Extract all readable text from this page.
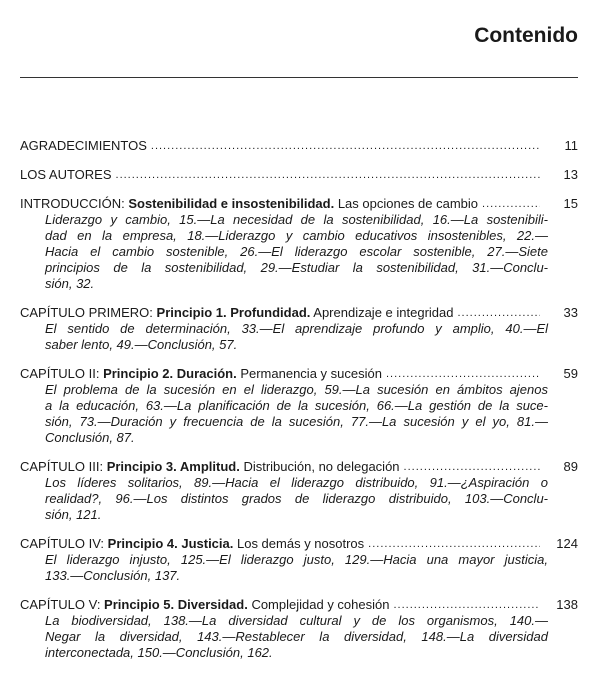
Contenido
AGRADECIMIENTOS .....	11
LOS AUTORES .....	13
INTRODUCCIÓN: Sostenibilidad e insostenibilidad. Las opciones de cambio .....	15
Liderazgo y cambio, 15.—La necesidad de la sostenibilidad, 16.—La sostenibili-
dad en la empresa, 18.—Liderazgo y cambio educativos insostenibles, 22.—
Hacia el cambio sostenible, 26.—El liderazgo escolar sostenible, 27.—Siete
principios de la sostenibilidad, 29.—Estudiar la sostenibilidad, 31.—Conclu-
sión, 32.
CAPÍTULO PRIMERO: Principio 1. Profundidad. Aprendizaje e integridad .....	33
El sentido de determinación, 33.—El aprendizaje profundo y amplio, 40.—El
saber lento, 49.—Conclusión, 57.
CAPÍTULO II: Principio 2. Duración. Permanencia y sucesión .....	59
El problema de la sucesión en el liderazgo, 59.—La sucesión en ámbitos ajenos
a la educación, 63.—La planificación de la sucesión, 66.—La gestión de la suce-
sión, 73.—Duración y frecuencia de la sucesión, 77.—La sucesión y el yo, 81.—
Conclusión, 87.
CAPÍTULO III: Principio 3. Amplitud. Distribución, no delegación .....	89
Los líderes solitarios, 89.—Hacia el liderazgo distribuido, 91.—¿Aspiración o
realidad?, 96.—Los distintos grados de liderazgo distribuido, 103.—Conclu-
sión, 121.
CAPÍTULO IV: Principio 4. Justicia. Los demás y nosotros .....	124
El liderazgo injusto, 125.—El liderazgo justo, 129.—Hacia una mayor justicia,
133.—Conclusión, 137.
CAPÍTULO V: Principio 5. Diversidad. Complejidad y cohesión .....	138
La biodiversidad, 138.—La diversidad cultural y de los organismos, 140.—
Negar la diversidad, 143.—Restablecer la diversidad, 148.—La diversidad
interconectada, 150.—Conclusión, 162.
